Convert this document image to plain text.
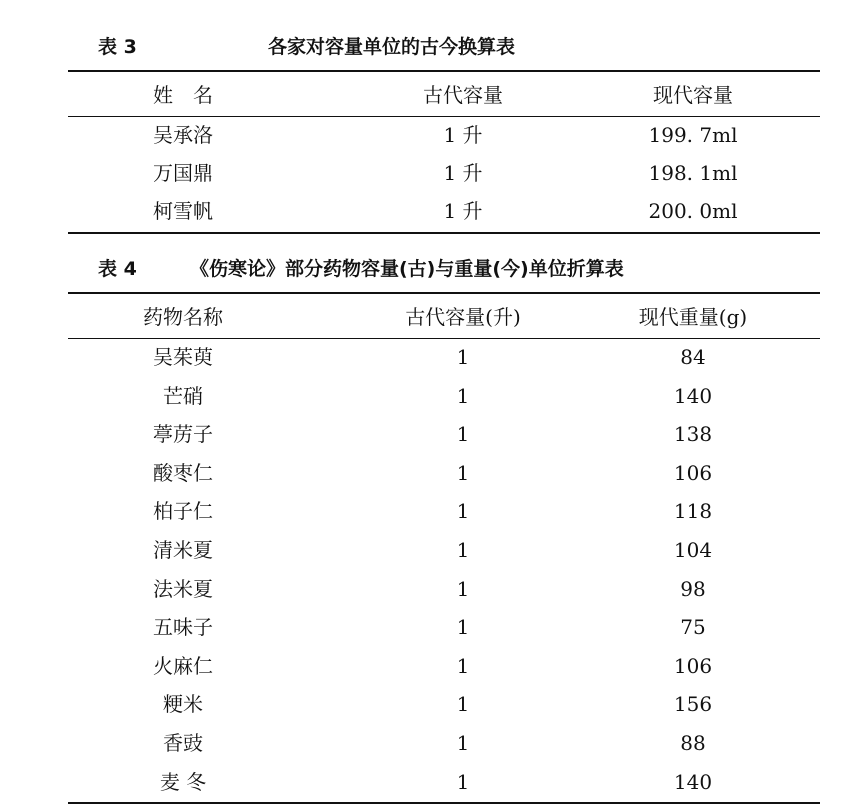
表 3	各家对容量单位的古今换算表
姓　名	古代容量	现代容量
吴承洛	1 升	199. 7ml
万国鼎	1 升	198. 1ml
柯雪帆	1 升	200. 0ml
表 4	《伤寒论》部分药物容量(古)与重量(今)单位折算表
药物名称	古代容量(升)	现代重量(g)
吴茱萸	1	84
芒硝	1	140
葶苈子	1	138
酸枣仁	1	106
柏子仁	1	118
清米夏	1	104
法米夏	1	98
五味子	1	75
火麻仁	1	106
粳米	1	156
香豉	1	88
麦 冬	1	140
